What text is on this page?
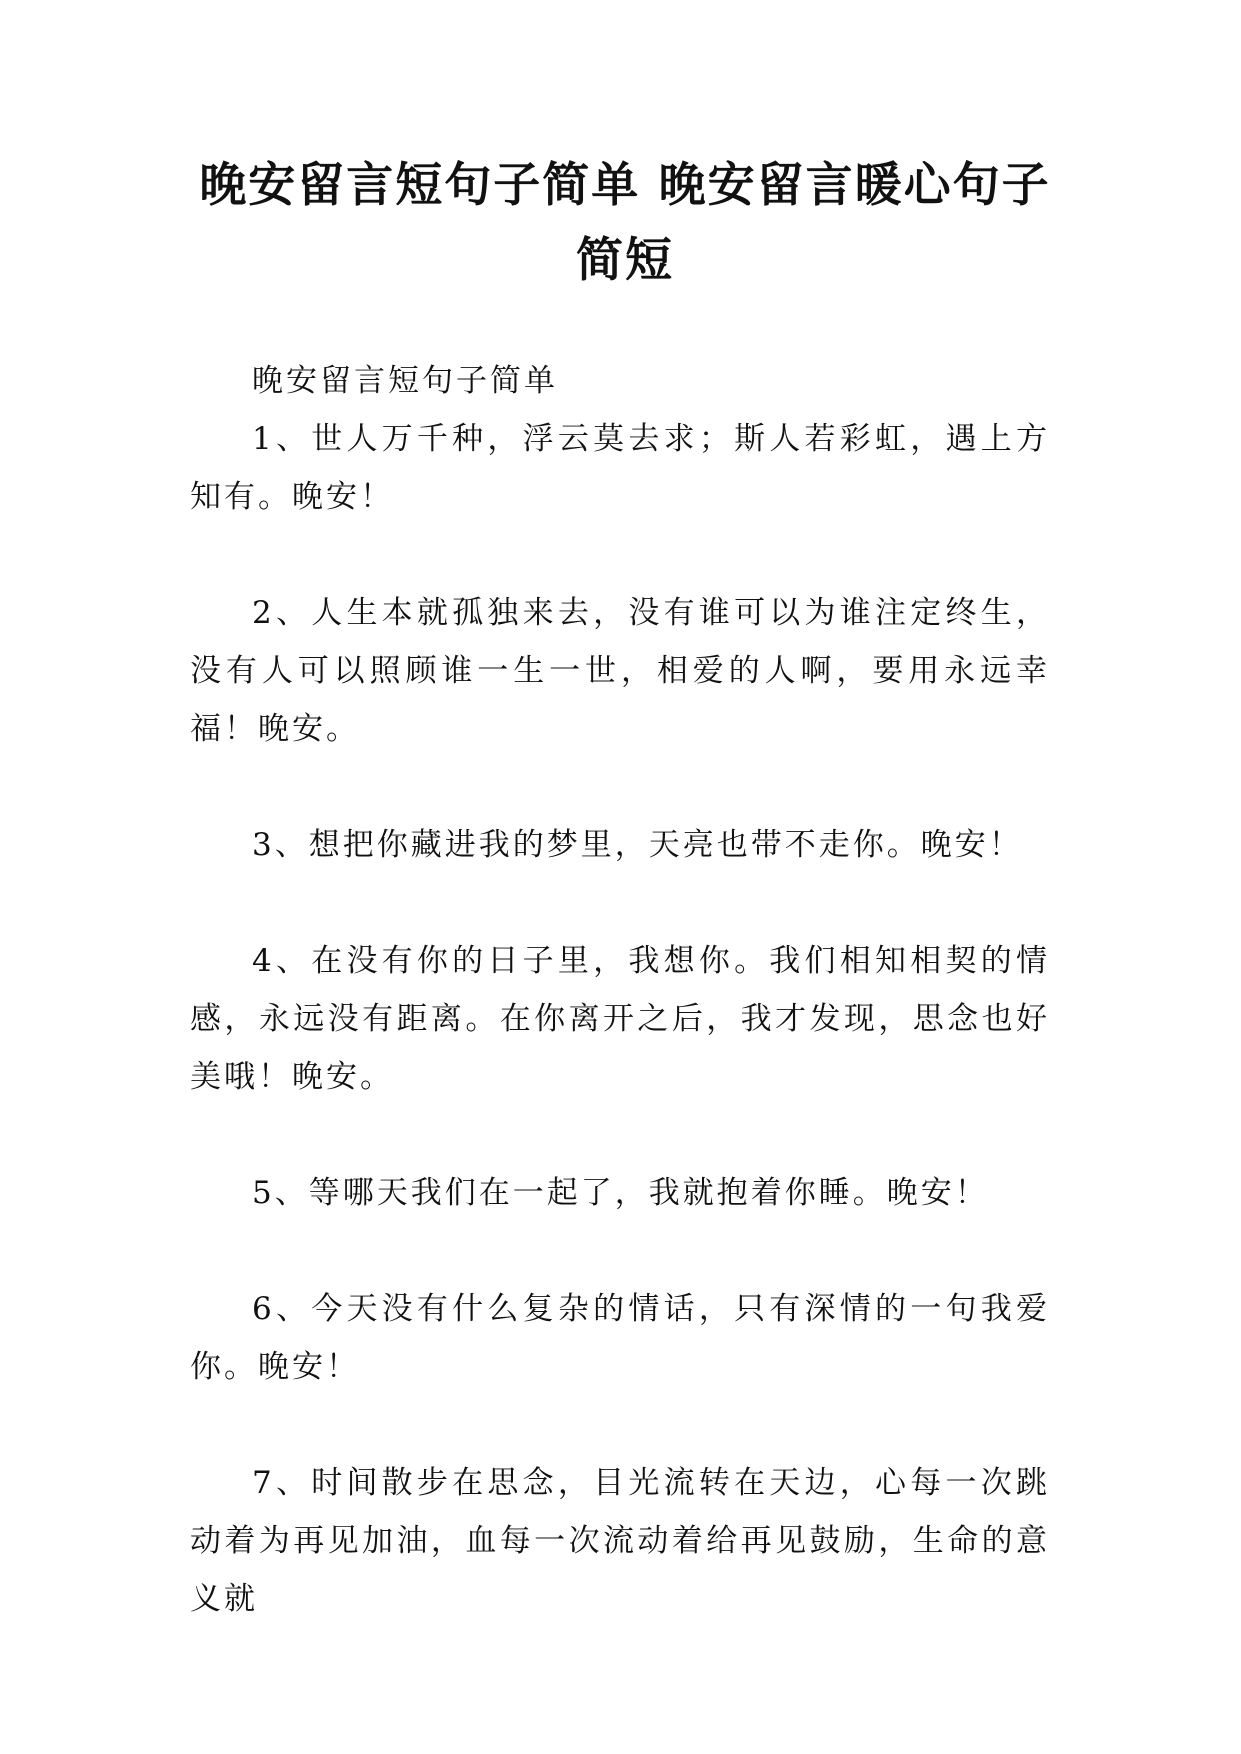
晚安留言短句子简单 晚安留言暖心句子简短

晚安留言短句子简单

1、世人万千种，浮云莫去求；斯人若彩虹，遇上方知有。晚安！

2、人生本就孤独来去，没有谁可以为谁注定终生，没有人可以照顾谁一生一世，相爱的人啊，要用永远幸福！晚安。

3、想把你藏进我的梦里，天亮也带不走你。晚安！

4、在没有你的日子里，我想你。我们相知相契的情感，永远没有距离。在你离开之后，我才发现，思念也好美哦！晚安。

5、等哪天我们在一起了，我就抱着你睡。晚安！

6、今天没有什么复杂的情话，只有深情的一句我爱你。晚安！

7、时间散步在思念，目光流转在天边，心每一次跳动着为再见加油，血每一次流动着给再见鼓励，生命的意义就
